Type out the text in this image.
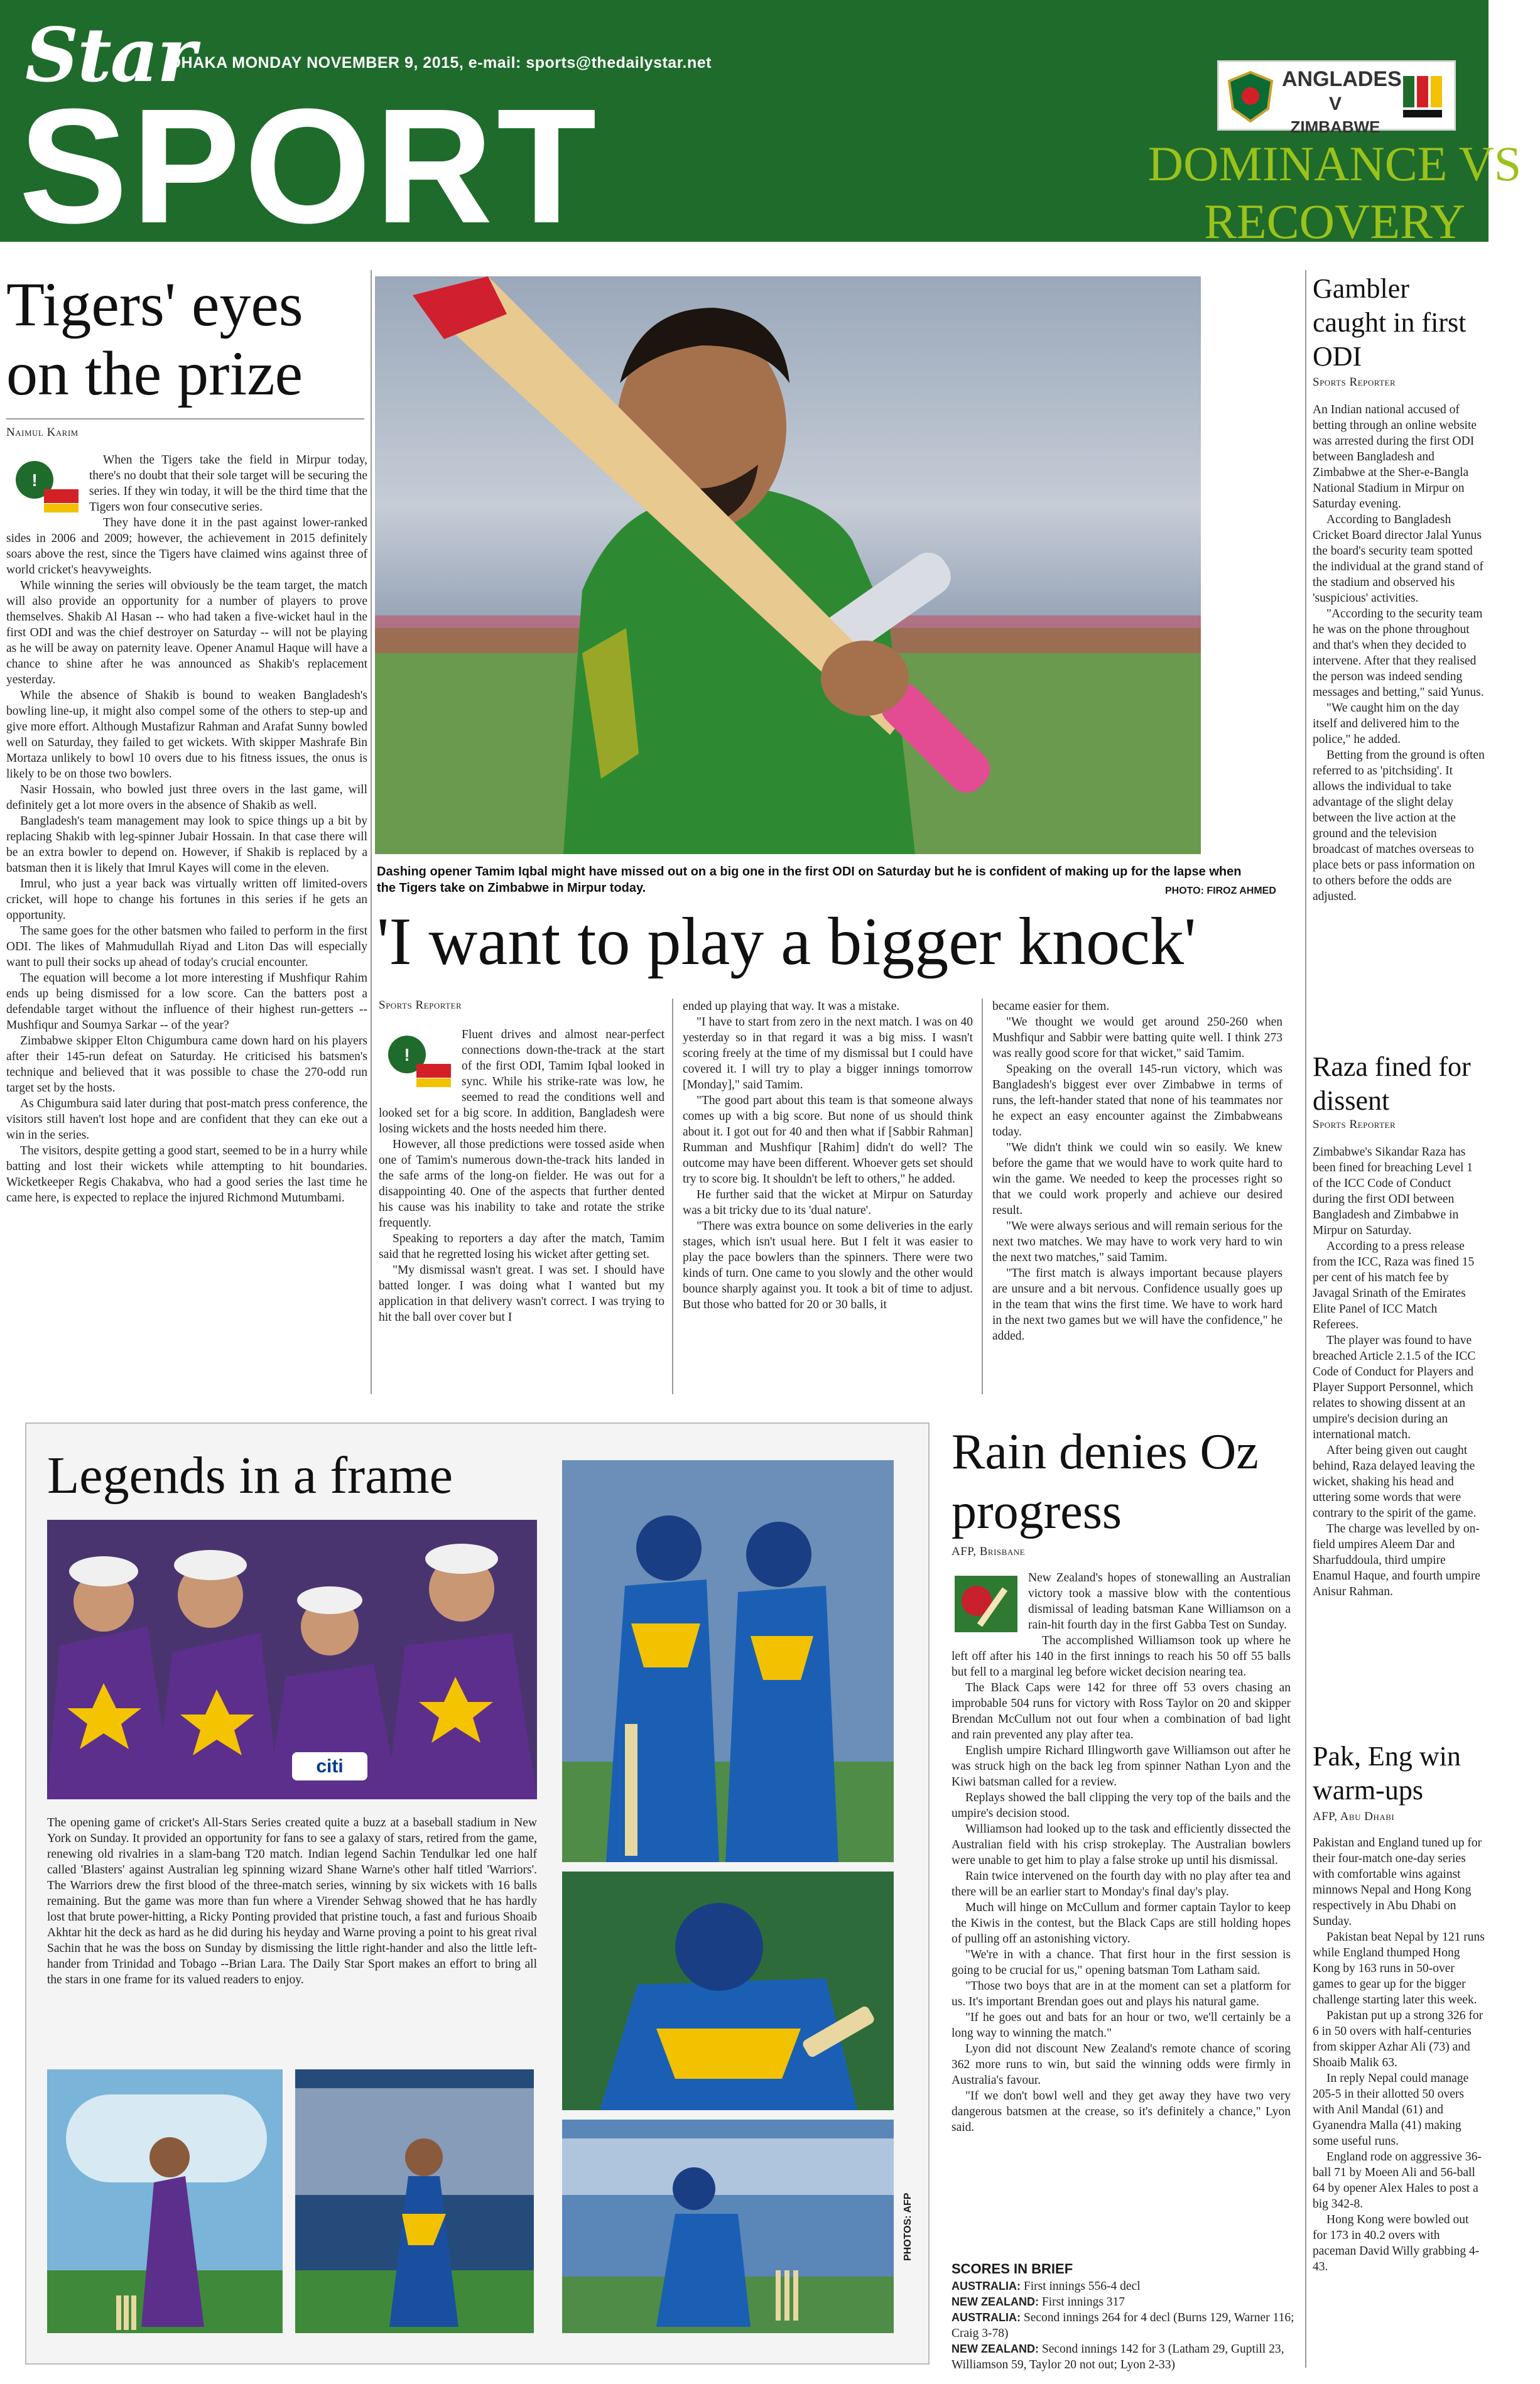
Star
DHAKA MONDAY NOVEMBER 9, 2015, e-mail: sports@thedailystar.net
SPORT	ANGLADES
V
ZIMBABWE
DOMINANCE VS RECOVERY
Dashing opener Tamim Iqbal might have missed out on a big one in the first ODI on Saturday but he is confident of making up for the lapse when the Tigers take on Zimbabwe in Mirpur today.	PHOTO: FIROZ AHMED
Tigers' eyes on the prize
Naimul Karim
!

When the Tigers take the field in Mirpur today, there's no doubt that their sole target will be securing the series. If they win today, it will be the third time that the Tigers won four consecutive series.

They have done it in the past against lower-ranked sides in 2006 and 2009; however, the achievement in 2015 definitely soars above the rest, since the Tigers have claimed wins against three of world cricket's heavyweights.

While winning the series will obviously be the team target, the match will also provide an opportunity for a number of players to prove themselves. Shakib Al Hasan -- who had taken a five-wicket haul in the first ODI and was the chief destroyer on Saturday -- will not be playing as he will be away on paternity leave. Opener Anamul Haque will have a chance to shine after he was announced as Shakib's replacement yesterday.

While the absence of Shakib is bound to weaken Bangladesh's bowling line-up, it might also compel some of the others to step-up and give more effort. Although Mustafizur Rahman and Arafat Sunny bowled well on Saturday, they failed to get wickets. With skipper Mashrafe Bin Mortaza unlikely to bowl 10 overs due to his fitness issues, the onus is likely to be on those two bowlers.

Nasir Hossain, who bowled just three overs in the last game, will definitely get a lot more overs in the absence of Shakib as well.

Bangladesh's team management may look to spice things up a bit by replacing Shakib with leg-spinner Jubair Hossain. In that case there will be an extra bowler to depend on. However, if Shakib is replaced by a batsman then it is likely that Imrul Kayes will come in the eleven.

Imrul, who just a year back was virtually written off limited-overs cricket, will hope to change his fortunes in this series if he gets an opportunity.

The same goes for the other batsmen who failed to perform in the first ODI. The likes of Mahmudullah Riyad and Liton Das will especially want to pull their socks up ahead of today's crucial encounter.

The equation will become a lot more interesting if Mushfiqur Rahim ends up being dismissed for a low score. Can the batters post a defendable target without the influence of their highest run-getters -- Mushfiqur and Soumya Sarkar -- of the year?

Zimbabwe skipper Elton Chigumbura came down hard on his players after their 145-run defeat on Saturday. He criticised his batsmen's technique and believed that it was possible to chase the 270-odd run target set by the hosts.

As Chigumbura said later during that post-match press conference, the visitors still haven't lost hope and are confident that they can eke out a win in the series.

The visitors, despite getting a good start, seemed to be in a hurry while batting and lost their wickets while attempting to hit boundaries. Wicketkeeper Regis Chakabva, who had a good series the last time he came here, is expected to replace the injured Richmond Mutumbami.

'I want to play a bigger knock'
Sports Reporter
!

Fluent drives and almost near-perfect connections down-the-track at the start of the first ODI, Tamim Iqbal looked in sync. While his strike-rate was low, he seemed to read the conditions well and looked set for a big score. In addition, Bangladesh were losing wickets and the hosts needed him there.

However, all those predictions were tossed aside when one of Tamim's numerous down-the-track hits landed in the safe arms of the long-on fielder. He was out for a disappointing 40. One of the aspects that further dented his cause was his inability to take and rotate the strike frequently.

Speaking to reporters a day after the match, Tamim said that he regretted losing his wicket after getting set.

"My dismissal wasn't great. I was set. I should have batted longer. I was doing what I wanted but my application in that delivery wasn't correct. I was trying to hit the ball over cover but I

ended up playing that way. It was a mistake.

"I have to start from zero in the next match. I was on 40 yesterday so in that regard it was a big miss. I wasn't scoring freely at the time of my dismissal but I could have covered it. I will try to play a bigger innings tomorrow [Monday]," said Tamim.

"The good part about this team is that someone always comes up with a big score. But none of us should think about it. I got out for 40 and then what if [Sabbir Rahman] Rumman and Mushfiqur [Rahim] didn't do well? The outcome may have been different. Whoever gets set should try to score big. It shouldn't be left to others," he added.

He further said that the wicket at Mirpur on Saturday was a bit tricky due to its 'dual nature'.

"There was extra bounce on some deliveries in the early stages, which isn't usual here. But I felt it was easier to play the pace bowlers than the spinners. There were two kinds of turn. One came to you slowly and the other would bounce sharply against you. It took a bit of time to adjust. But those who batted for 20 or 30 balls, it

became easier for them.

"We thought we would get around 250-260 when Mushfiqur and Sabbir were batting quite well. I think 273 was really good score for that wicket," said Tamim.

Speaking on the overall 145-run victory, which was Bangladesh's biggest ever over Zimbabwe in terms of runs, the left-hander stated that none of his teammates nor he expect an easy encounter against the Zimbabweans today.

"We didn't think we could win so easily. We knew before the game that we would have to work quite hard to win the game. We needed to keep the processes right so that we could work properly and achieve our desired result.

"We were always serious and will remain serious for the next two matches. We may have to work very hard to win the next two matches," said Tamim.

"The first match is always important because players are unsure and a bit nervous. Confidence usually goes up in the team that wins the first time. We have to work hard in the next two games but we will have the confidence," he added.

Gambler caught in first ODI
Sports Reporter

An Indian national accused of betting through an online website was arrested during the first ODI between Bangladesh and Zimbabwe at the Sher-e-Bangla National Stadium in Mirpur on Saturday evening.

According to Bangladesh Cricket Board director Jalal Yunus the board's security team spotted the individual at the grand stand of the stadium and observed his 'suspicious' activities.

"According to the security team he was on the phone throughout and that's when they decided to intervene. After that they realised the person was indeed sending messages and betting," said Yunus.

"We caught him on the day itself and delivered him to the police," he added.

Betting from the ground is often referred to as 'pitchsiding'. It allows the individual to take advantage of the slight delay between the live action at the ground and the television broadcast of matches overseas to place bets or pass information on to others before the odds are adjusted.

Raza fined for dissent
Sports Reporter

Zimbabwe's Sikandar Raza has been fined for breaching Level 1 of the ICC Code of Conduct during the first ODI between Bangladesh and Zimbabwe in Mirpur on Saturday.

According to a press release from the ICC, Raza was fined 15 per cent of his match fee by Javagal Srinath of the Emirates Elite Panel of ICC Match Referees.

The player was found to have breached Article 2.1.5 of the ICC Code of Conduct for Players and Player Support Personnel, which relates to showing dissent at an umpire's decision during an international match.

After being given out caught behind, Raza delayed leaving the wicket, shaking his head and uttering some words that were contrary to the spirit of the game.

The charge was levelled by on-field umpires Aleem Dar and Sharfuddoula, third umpire Enamul Haque, and fourth umpire Anisur Rahman.

Pak, Eng win warm-ups
AFP, Abu Dhabi

Pakistan and England tuned up for their four-match one-day series with comfortable wins against minnows Nepal and Hong Kong respectively in Abu Dhabi on Sunday.

Pakistan beat Nepal by 121 runs while England thumped Hong Kong by 163 runs in 50-over games to gear up for the bigger challenge starting later this week.

Pakistan put up a strong 326 for 6 in 50 overs with half-centuries from skipper Azhar Ali (73) and Shoaib Malik 63.

In reply Nepal could manage 205-5 in their allotted 50 overs with Anil Mandal (61) and Gyanendra Malla (41) making some useful runs.

England rode on aggressive 36-ball 71 by Moeen Ali and 56-ball 64 by opener Alex Hales to post a big 342-8.

Hong Kong were bowled out for 173 in 40.2 overs with paceman David Willy grabbing 4-43.

Legends in a frame
citi
The opening game of cricket's All-Stars Series created quite a buzz at a baseball stadium in New York on Sunday. It provided an opportunity for fans to see a galaxy of stars, retired from the game, renewing old rivalries in a slam-bang T20 match. Indian legend Sachin Tendulkar led one half called 'Blasters' against Australian leg spinning wizard Shane Warne's other half titled 'Warriors'. The Warriors drew the first blood of the three-match series, winning by six wickets with 16 balls remaining. But the game was more than fun where a Virender Sehwag showed that he has hardly lost that brute power-hitting, a Ricky Ponting provided that pristine touch, a fast and furious Shoaib Akhtar hit the deck as hard as he did during his heyday and Warne proving a point to his great rival Sachin that he was the boss on Sunday by dismissing the little right-hander and also the little left-hander from Trinidad and Tobago --Brian Lara. The Daily Star Sport makes an effort to bring all the stars in one frame for its valued readers to enjoy.
PHOTOS: AFP
Rain denies Oz progress
AFP, Brisbane

New Zealand's hopes of stonewalling an Australian victory took a massive blow with the contentious dismissal of leading batsman Kane Williamson on a rain-hit fourth day in the first Gabba Test on Sunday.

The accomplished Williamson took up where he left off after his 140 in the first innings to reach his 50 off 55 balls but fell to a marginal leg before wicket decision nearing tea.

The Black Caps were 142 for three off 53 overs chasing an improbable 504 runs for victory with Ross Taylor on 20 and skipper Brendan McCullum not out four when a combination of bad light and rain prevented any play after tea.

English umpire Richard Illingworth gave Williamson out after he was struck high on the back leg from spinner Nathan Lyon and the Kiwi batsman called for a review.

Replays showed the ball clipping the very top of the bails and the umpire's decision stood.

Williamson had looked up to the task and efficiently dissected the Australian field with his crisp strokeplay. The Australian bowlers were unable to get him to play a false stroke up until his dismissal.

Rain twice intervened on the fourth day with no play after tea and there will be an earlier start to Monday's final day's play.

Much will hinge on McCullum and former captain Taylor to keep the Kiwis in the contest, but the Black Caps are still holding hopes of pulling off an astonishing victory.

"We're in with a chance. That first hour in the first session is going to be crucial for us," opening batsman Tom Latham said.

"Those two boys that are in at the moment can set a platform for us. It's important Brendan goes out and plays his natural game.

"If he goes out and bats for an hour or two, we'll certainly be a long way to winning the match."

Lyon did not discount New Zealand's remote chance of scoring 362 more runs to win, but said the winning odds were firmly in Australia's favour.

"If we don't bowl well and they get away they have two very dangerous batsmen at the crease, so it's definitely a chance," Lyon said.

SCORES IN BRIEF
AUSTRALIA: First innings 556-4 decl
NEW ZEALAND: First innings 317
AUSTRALIA: Second innings 264 for 4 decl (Burns 129, Warner 116; Craig 3-78)
NEW ZEALAND: Second innings 142 for 3 (Latham 29, Guptill 23, Williamson 59, Taylor 20 not out; Lyon 2-33)
